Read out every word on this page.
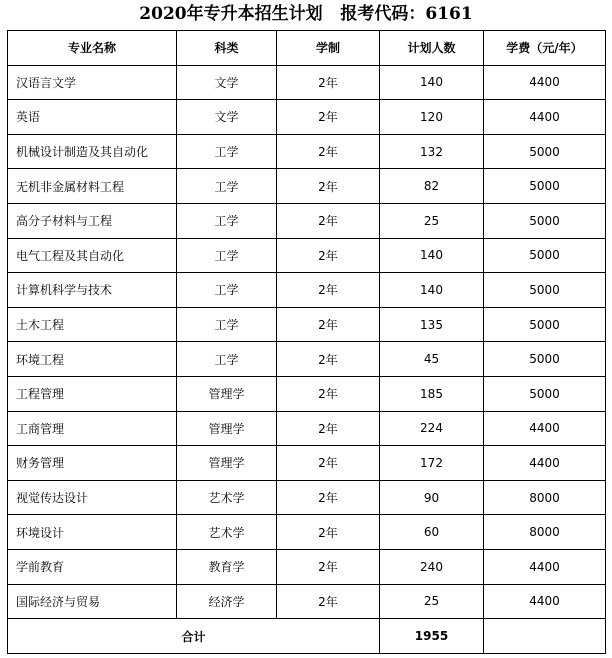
2020年专升本招生计划   报考代码：6161
专业名称	科类	学制	计划人数	学费（元/年）
汉语言文学	文学	2年	140	4400
英语	文学	2年	120	4400
机械设计制造及其自动化	工学	2年	132	5000
无机非金属材料工程	工学	2年	82	5000
高分子材料与工程	工学	2年	25	5000
电气工程及其自动化	工学	2年	140	5000
计算机科学与技术	工学	2年	140	5000
土木工程	工学	2年	135	5000
环境工程	工学	2年	45	5000
工程管理	管理学	2年	185	5000
工商管理	管理学	2年	224	4400
财务管理	管理学	2年	172	4400
视觉传达设计	艺术学	2年	90	8000
环境设计	艺术学	2年	60	8000
学前教育	教育学	2年	240	4400
国际经济与贸易	经济学	2年	25	4400
合计			1955	
